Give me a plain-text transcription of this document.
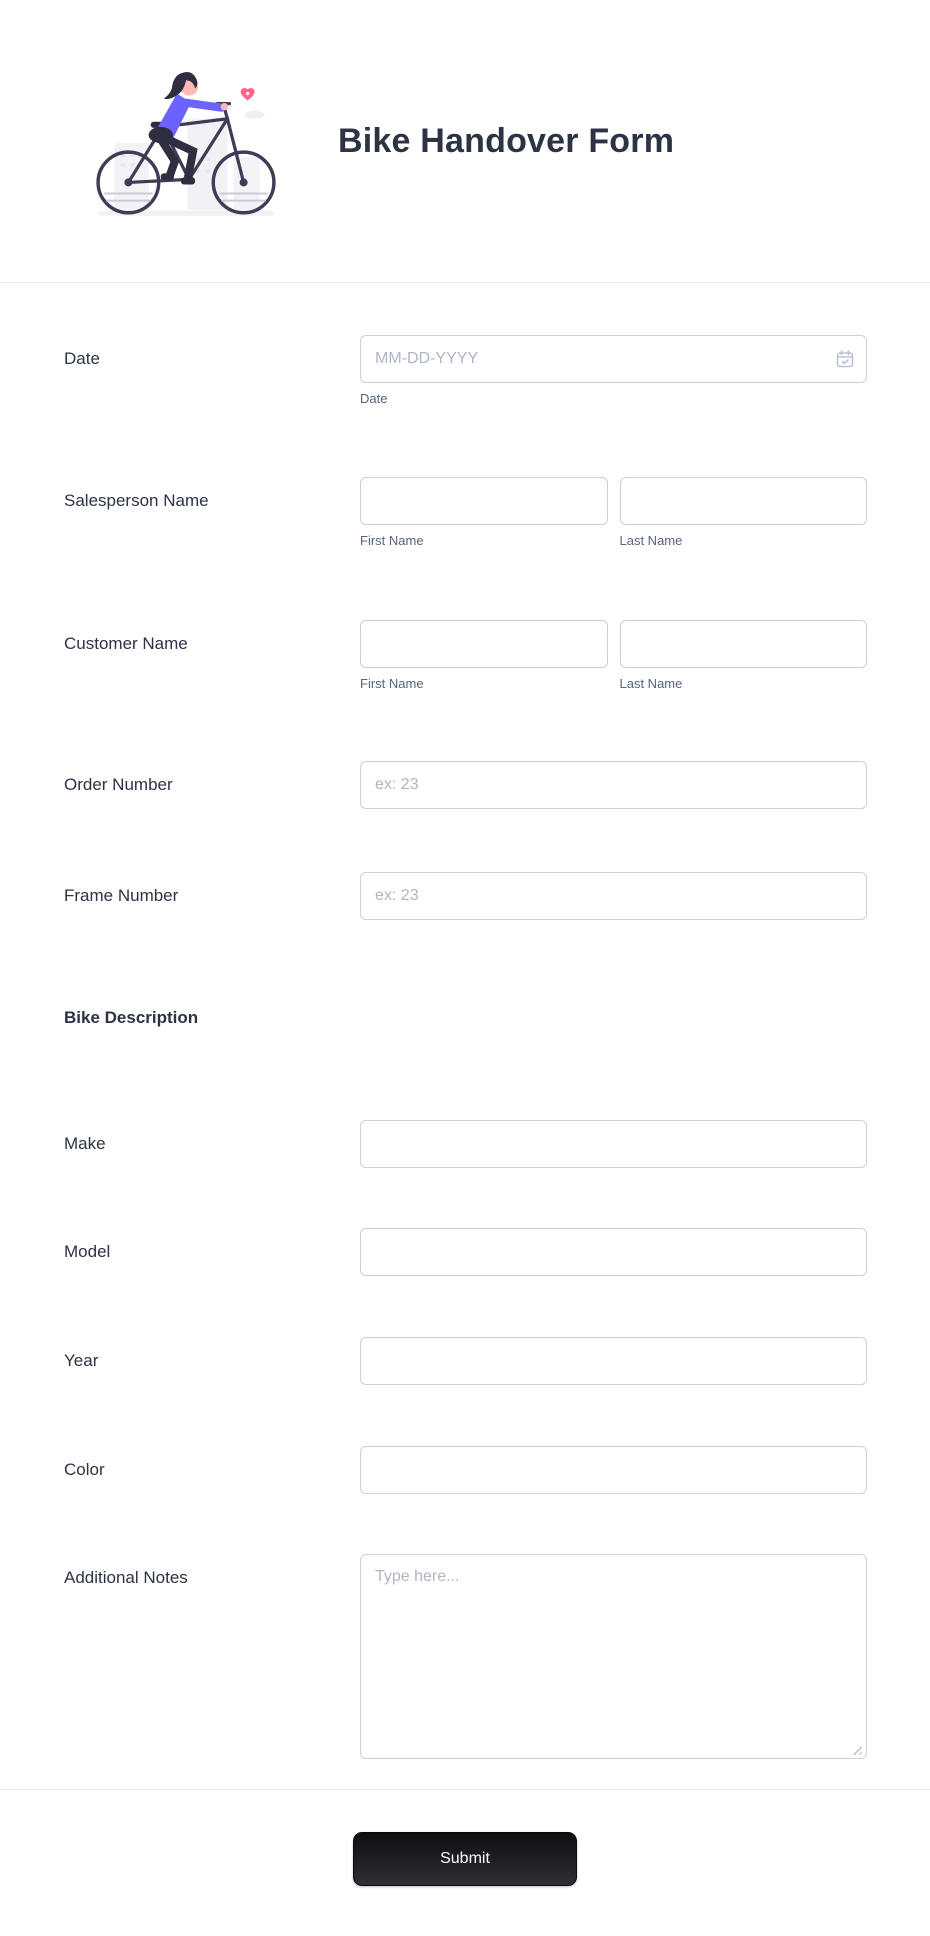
Bike Handover Form
Date
MM-DD-YYYY
Date
Salesperson Name
First Name	Last Name
Customer Name
First Name	Last Name
Order Number
ex: 23
Frame Number
ex: 23
Bike Description
Make
Model
Year
Color
Additional Notes
Type here...
Submit
